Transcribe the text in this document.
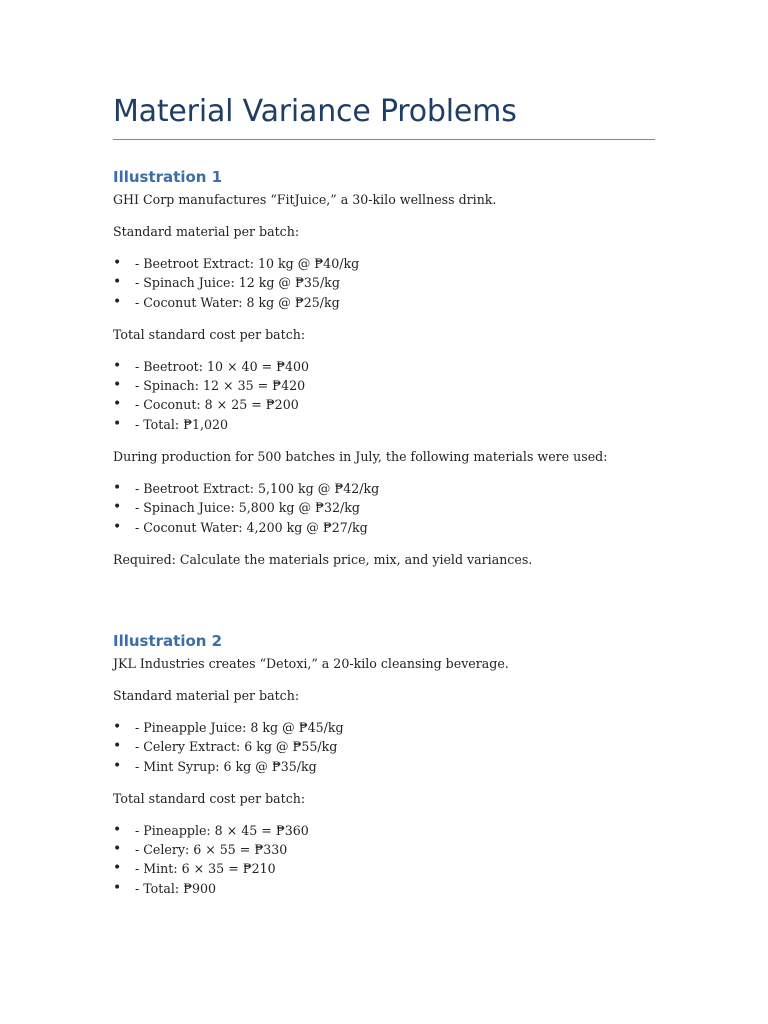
Material Variance Problems
Illustration 1

GHI Corp manufactures “FitJuice,” a 30-kilo wellness drink.

Standard material per batch:

• - Beetroot Extract: 10 kg @ ₱40/kg
• - Spinach Juice: 12 kg @ ₱35/kg
• - Coconut Water: 8 kg @ ₱25/kg

Total standard cost per batch:

• - Beetroot: 10 × 40 = ₱400
• - Spinach: 12 × 35 = ₱420
• - Coconut: 8 × 25 = ₱200
• - Total: ₱1,020

During production for 500 batches in July, the following materials were used:

• - Beetroot Extract: 5,100 kg @ ₱42/kg
• - Spinach Juice: 5,800 kg @ ₱32/kg
• - Coconut Water: 4,200 kg @ ₱27/kg

Required: Calculate the materials price, mix, and yield variances.

Illustration 2

JKL Industries creates “Detoxi,” a 20-kilo cleansing beverage.

Standard material per batch:

• - Pineapple Juice: 8 kg @ ₱45/kg
• - Celery Extract: 6 kg @ ₱55/kg
• - Mint Syrup: 6 kg @ ₱35/kg

Total standard cost per batch:

• - Pineapple: 8 × 45 = ₱360
• - Celery: 6 × 55 = ₱330
• - Mint: 6 × 35 = ₱210
• - Total: ₱900
